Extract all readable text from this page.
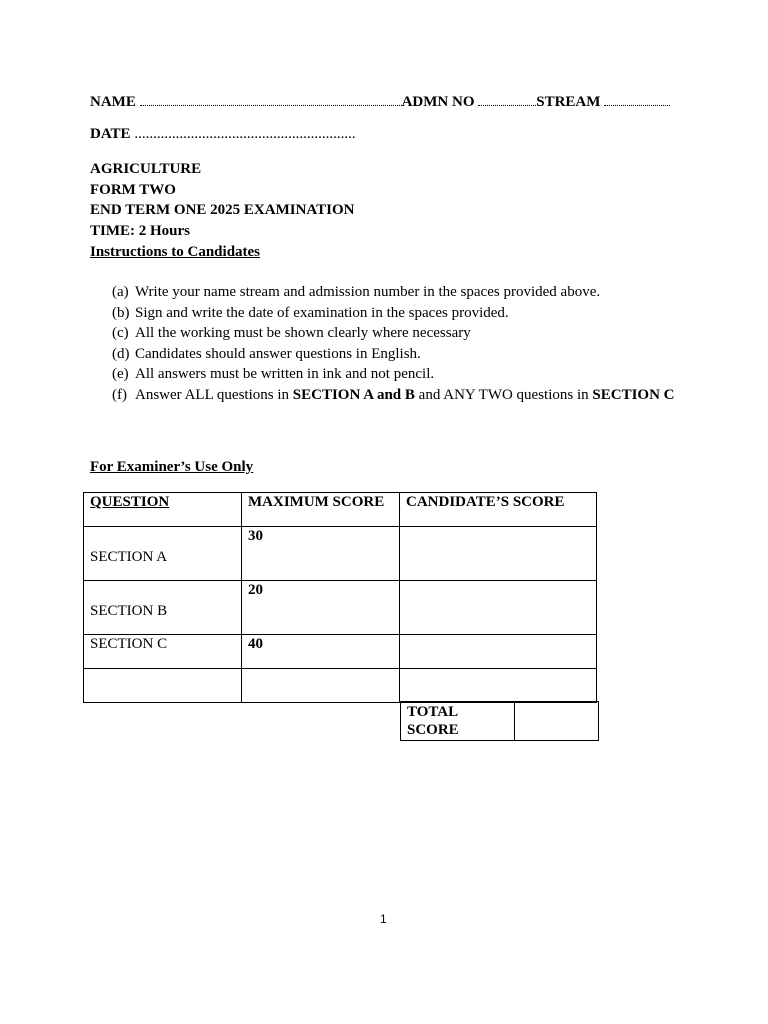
NAME	ADMN NO	STREAM
DATE ...........................................................
AGRICULTURE
FORM TWO
END TERM ONE 2025 EXAMINATION
TIME: 2 Hours
Instructions to Candidates
(a) Write your name stream and admission number in the spaces provided above.
(b) Sign and write the date of examination in the spaces provided.
(c) All the working must be shown clearly where necessary
(d) Candidates should answer questions in English.
(e) All answers must be written in ink and not pencil.
(f) Answer ALL questions in SECTION A and B and ANY TWO questions in SECTION C
For Examiner’s Use Only
QUESTION	MAXIMUM SCORE	CANDIDATE’S SCORE
SECTION A	30	
SECTION B	20	
SECTION C	40	

TOTAL SCORE	
1
